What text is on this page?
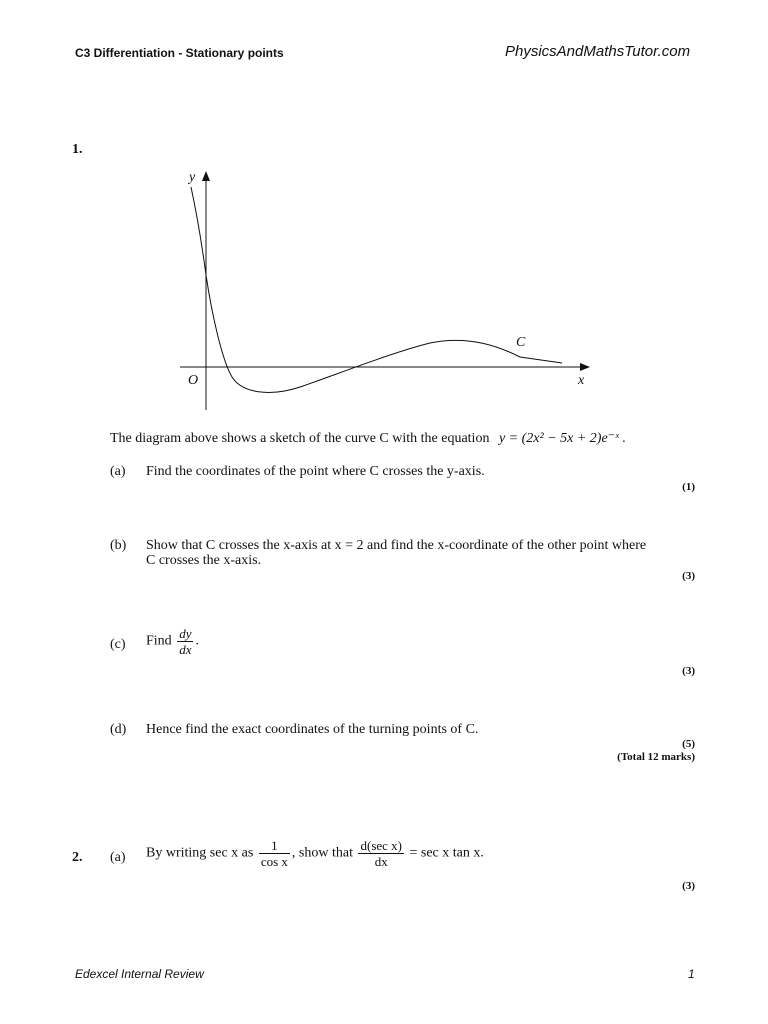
C3 Differentiation - Stationary points	PhysicsAndMathsTutor.com
1.
y
x
O
C
The diagram above shows a sketch of the curve C with the equation y = (2x² − 5x + 2)e⁻ˣ .
(a) Find the coordinates of the point where C crosses the y-axis.
(1)
(b) Show that C crosses the x-axis at x = 2 and find the x-coordinate of the other point where
C crosses the x-axis.
(3)
(c) Find $\frac{dy}{dx}$ .
(3)
(d) Hence find the exact coordinates of the turning points of C.
(5)
(Total 12 marks)
2. (a) By writing sec x as $\frac{1}{\text{cos x}}$ , show that $\frac{\text{d(sec x)}}{dx} = \sec x$ tan x.
(3)
Edexcel Internal Review	1
